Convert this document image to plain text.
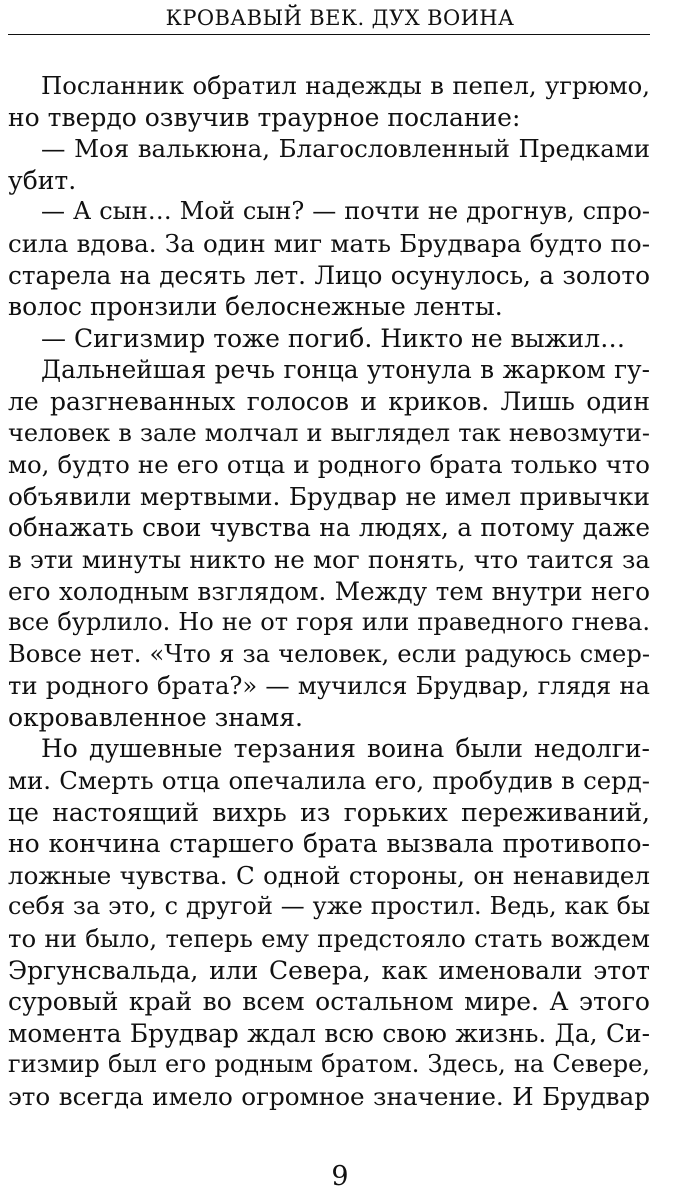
КРОВАВЫЙ ВЕК. ДУХ ВОИНА
Посланник обратил надежды в пепел, угрюмо,
но твердо озвучив траурное послание:
— Моя валькюна, Благословленный Предками
убит.
— А сын… Мой сын? — почти не дрогнув, спро-
сила вдова. За один миг мать Брудвара будто по-
старела на десять лет. Лицо осунулось, а золото
волос пронзили белоснежные ленты.
— Сигизмир тоже погиб. Никто не выжил…
Дальнейшая речь гонца утонула в жарком гу-
ле разгневанных голосов и криков. Лишь один
человек в зале молчал и выглядел так невозмути-
мо, будто не его отца и родного брата только что
объявили мертвыми. Брудвар не имел привычки
обнажать свои чувства на людях, а потому даже
в эти минуты никто не мог понять, что таится за
его холодным взглядом. Между тем внутри него
все бурлило. Но не от горя или праведного гнева.
Вовсе нет. «Что я за человек, если радуюсь смер-
ти родного брата?» — мучился Брудвар, глядя на
окровавленное знамя.
Но душевные терзания воина были недолги-
ми. Смерть отца опечалила его, пробудив в серд-
це настоящий вихрь из горьких переживаний,
но кончина старшего брата вызвала противопо-
ложные чувства. С одной стороны, он ненавидел
себя за это, с другой — уже простил. Ведь, как бы
то ни было, теперь ему предстояло стать вождем
Эргунсвальда, или Севера, как именовали этот
суровый край во всем остальном мире. А этого
момента Брудвар ждал всю свою жизнь. Да, Си-
гизмир был его родным братом. Здесь, на Севере,
это всегда имело огромное значение. И Брудвар
9
